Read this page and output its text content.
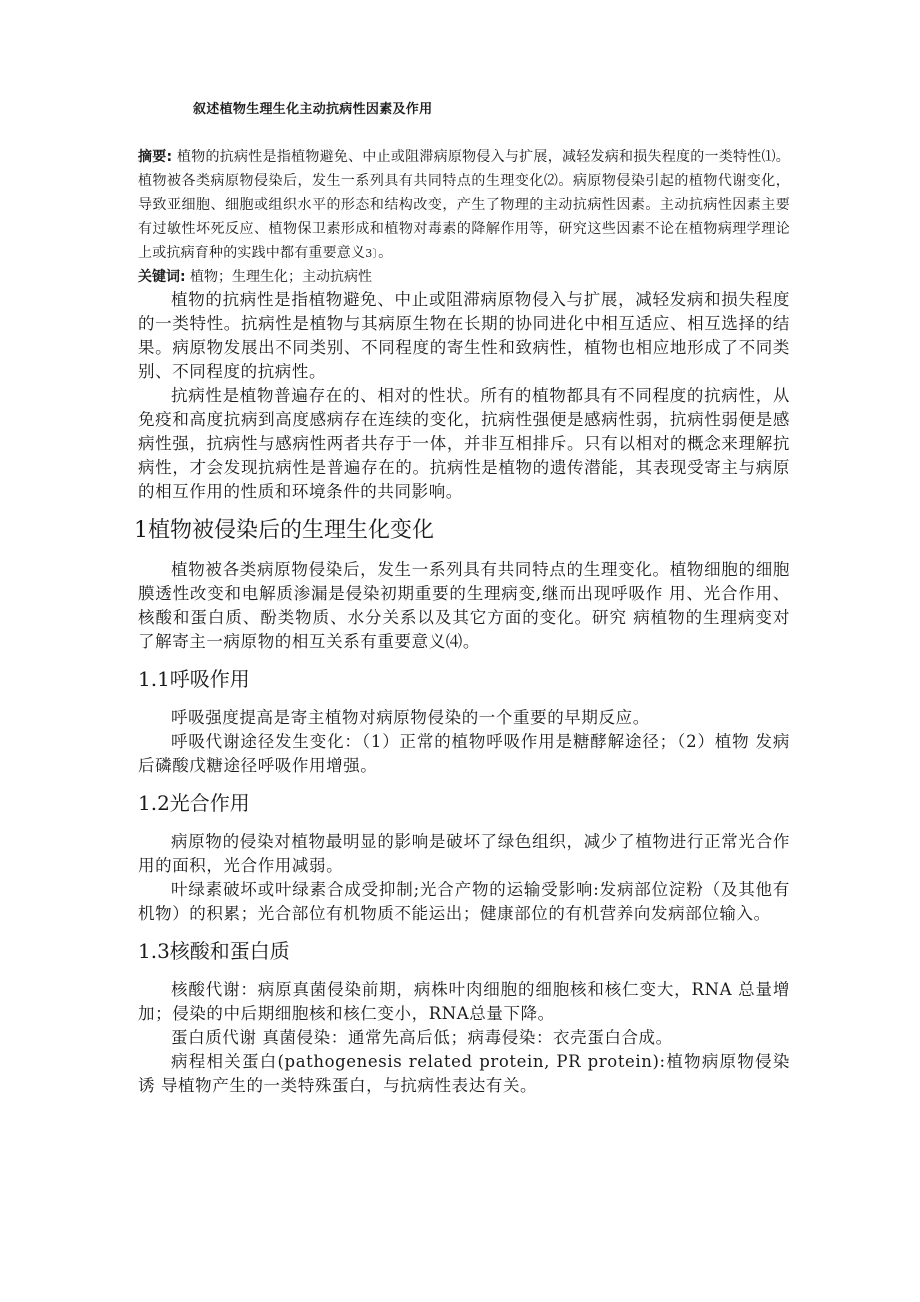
叙述植物生理生化主动抗病性因素及作用

摘要: 植物的抗病性是指植物避免、中止或阻滞病原物侵入与扩展，减轻发病和损失程度的一类特性⑴。植物被各类病原物侵染后，发生一系列具有共同特点的生理变化⑵。病原物侵染引起的植物代谢变化，导致亚细胞、细胞或组织水平的形态和结构改变，产生了物理的主动抗病性因素。主动抗病性因素主要有过敏性坏死反应、植物保卫素形成和植物对毒素的降解作用等，研究这些因素不论在植物病理学理论上或抗病育种的实践中都有重要意义3〕。

关键词: 植物；生理生化；主动抗病性

植物的抗病性是指植物避免、中止或阻滞病原物侵入与扩展，减轻发病和损失程度的一类特性。抗病性是植物与其病原生物在长期的协同进化中相互适应、相互选择的结果。病原物发展出不同类别、不同程度的寄生性和致病性，植物也相应地形成了不同类别、不同程度的抗病性。

抗病性是植物普遍存在的、相对的性状。所有的植物都具有不同程度的抗病性，从免疫和高度抗病到高度感病存在连续的变化，抗病性强便是感病性弱，抗病性弱便是感病性强，抗病性与感病性两者共存于一体，并非互相排斥。只有以相对的概念来理解抗病性，才会发现抗病性是普遍存在的。抗病性是植物的遗传潜能，其表现受寄主与病原的相互作用的性质和环境条件的共同影响。

1植物被侵染后的生理生化变化

植物被各类病原物侵染后，发生一系列具有共同特点的生理变化。植物细胞的细胞膜透性改变和电解质渗漏是侵染初期重要的生理病变,继而出现呼吸作 用、光合作用、核酸和蛋白质、酚类物质、水分关系以及其它方面的变化。研究 病植物的生理病变对了解寄主一病原物的相互关系有重要意义⑷。

1.1呼吸作用

呼吸强度提高是寄主植物对病原物侵染的一个重要的早期反应。

呼吸代谢途径发生变化：（1）正常的植物呼吸作用是糖酵解途径；（2）植物 发病后磷酸戊糖途径呼吸作用增强。

1.2光合作用

病原物的侵染对植物最明显的影响是破坏了绿色组织，减少了植物进行正常光合作用的面积，光合作用减弱。

叶绿素破坏或叶绿素合成受抑制;光合产物的运输受影响:发病部位淀粉（及其他有机物）的积累；光合部位有机物质不能运出；健康部位的有机营养向发病部位输入。

1.3核酸和蛋白质

核酸代谢：病原真菌侵染前期，病株叶肉细胞的细胞核和核仁变大，RNA 总量增加；侵染的中后期细胞核和核仁变小，RNA总量下降。

蛋白质代谢 真菌侵染：通常先高后低；病毒侵染：衣壳蛋白合成。

病程相关蛋白(pathogenesis related protein, PR protein):植物病原物侵染诱 导植物产生的一类特殊蛋白，与抗病性表达有关。
